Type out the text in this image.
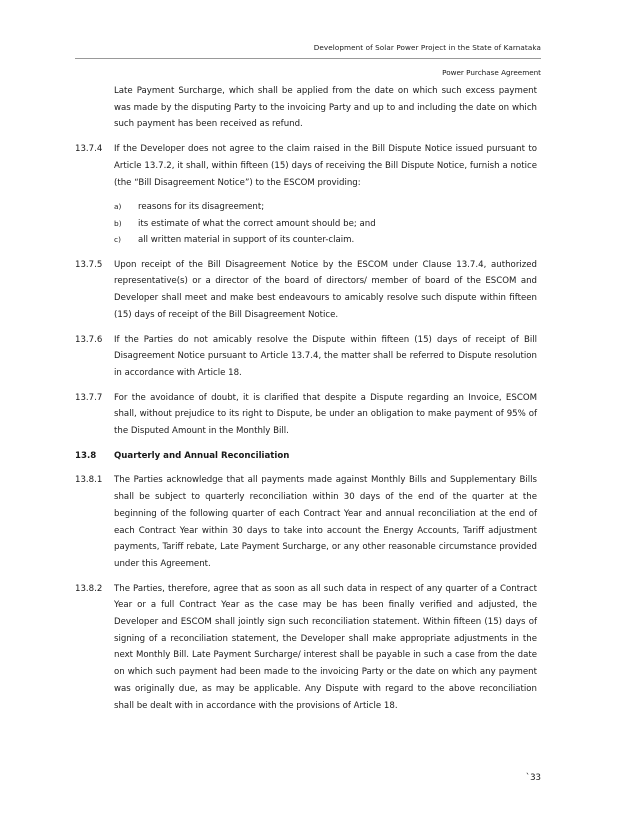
Development of Solar Power Project in the State of Karnataka
Power Purchase Agreement
Late Payment Surcharge, which shall be applied from the date on which such excess payment was made by the disputing Party to the invoicing Party and up to and including the date on which such payment has been received as refund.
13.7.4	If the Developer does not agree to the claim raised in the Bill Dispute Notice issued pursuant to Article 13.7.2, it shall, within fifteen (15) days of receiving the Bill Dispute Notice, furnish a notice (the “Bill Disagreement Notice”) to the ESCOM providing:
a)	reasons for its disagreement;
b)	its estimate of what the correct amount should be; and
c)	all written material in support of its counter-claim.
13.7.5	Upon receipt of the Bill Disagreement Notice by the ESCOM under Clause 13.7.4, authorized representative(s) or a director of the board of directors/ member of board of the ESCOM and Developer shall meet and make best endeavours to amicably resolve such dispute within fifteen (15) days of receipt of the Bill Disagreement Notice.
13.7.6	If the Parties do not amicably resolve the Dispute within fifteen (15) days of receipt of Bill Disagreement Notice pursuant to Article 13.7.4, the matter shall be referred to Dispute resolution in accordance with Article 18.
13.7.7	For the avoidance of doubt, it is clarified that despite a Dispute regarding an Invoice, ESCOM shall, without prejudice to its right to Dispute, be under an obligation to make payment of 95% of the Disputed Amount in the Monthly Bill.
13.8	Quarterly and Annual Reconciliation
13.8.1	The Parties acknowledge that all payments made against Monthly Bills and Supplementary Bills shall be subject to quarterly reconciliation within 30 days of the end of the quarter at the beginning of the following quarter of each Contract Year and annual reconciliation at the end of each Contract Year within 30 days to take into account the Energy Accounts, Tariff adjustment payments, Tariff rebate, Late Payment Surcharge, or any other reasonable circumstance provided under this Agreement.
13.8.2	The Parties, therefore, agree that as soon as all such data in respect of any quarter of a Contract Year or a full Contract Year as the case may be has been finally verified and adjusted, the Developer and ESCOM shall jointly sign such reconciliation statement. Within fifteen (15) days of signing of a reconciliation statement, the Developer shall make appropriate adjustments in the next Monthly Bill. Late Payment Surcharge/ interest shall be payable in such a case from the date on which such payment had been made to the invoicing Party or the date on which any payment was originally due, as may be applicable. Any Dispute with regard to the above reconciliation shall be dealt with in accordance with the provisions of Article 18.
`33
